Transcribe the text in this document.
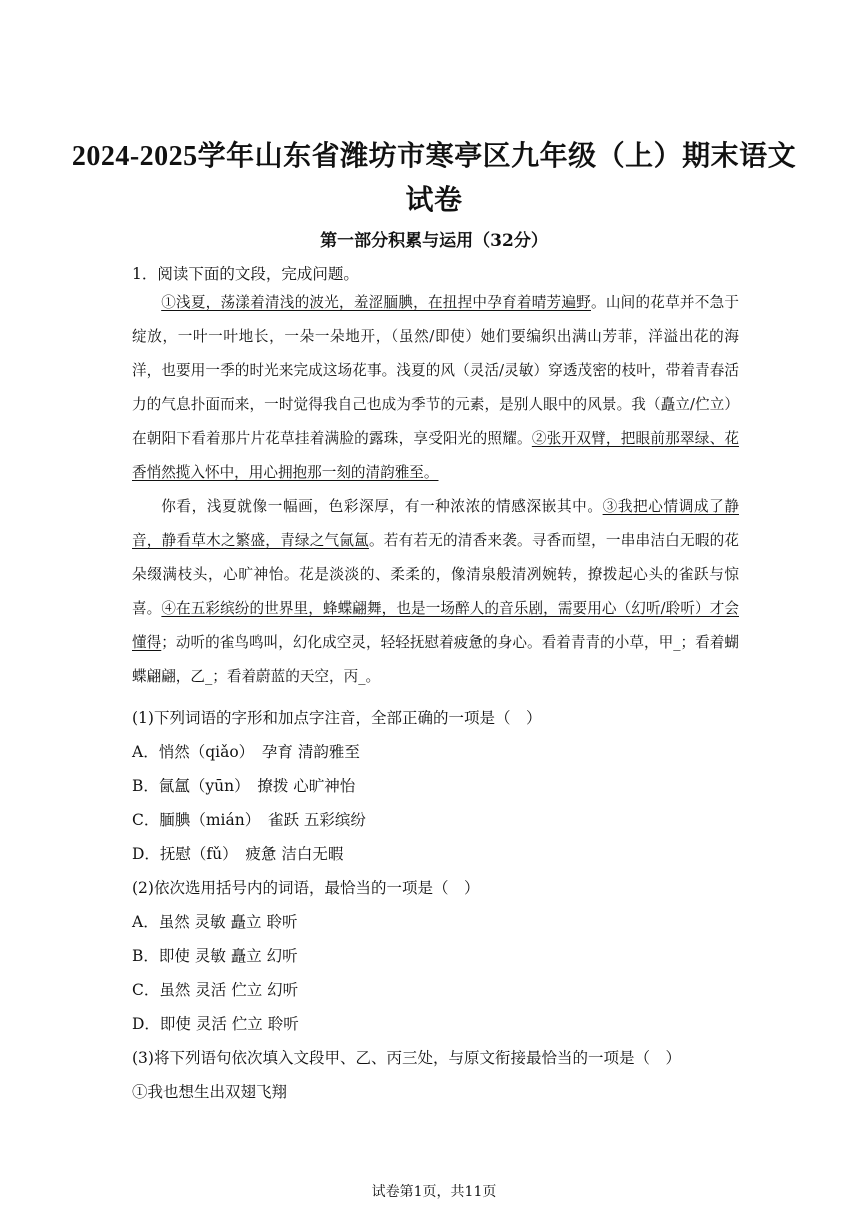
2024-2025学年山东省潍坊市寒亭区九年级（上）期末语文
试卷
第一部分积累与运用（32分）
1．阅读下面的文段，完成问题。

①浅夏，荡漾着清浅的波光，羞涩腼腆，在扭捏中孕育着晴芳遍野。山间的花草并不急于绽放，一叶一叶地长，一朵一朵地开，（虽然/即使）她们要编织出满山芳菲，洋溢出花的海洋，也要用一季的时光来完成这场花事。浅夏的风（灵活/灵敏）穿透茂密的枝叶，带着青春活力的气息扑面而来，一时觉得我自己也成为季节的元素，是别人眼中的风景。我（矗立/伫立）在朝阳下看着那片片花草挂着满脸的露珠，享受阳光的照耀。②张开双臂，把眼前那翠绿、花香悄然揽入怀中，用心拥抱那一刻的清韵雅至。

你看，浅夏就像一幅画，色彩深厚，有一种浓浓的情感深嵌其中。③我把心情调成了静音，静看草木之繁盛，青绿之气氤氲。若有若无的清香来袭。寻香而望，一串串洁白无暇的花朵缀满枝头，心旷神怡。花是淡淡的、柔柔的，像清泉般清冽婉转，撩拨起心头的雀跃与惊喜。④在五彩缤纷的世界里，蜂蝶翩舞，也是一场醉人的音乐剧，需要用心（幻听/聆听）才会懂得；动听的雀鸟鸣叫，幻化成空灵，轻轻抚慰着疲惫的身心。看着青青的小草，甲_；看着蝴蝶翩翩，乙_；看着蔚蓝的天空，丙_。

(1)下列词语的字形和加点字注音，全部正确的一项是（　）
A．悄然（qiǎo）　孕育 清韵雅至
B．氤氲（yūn）　撩拨 心旷神怡
C．腼腆（mián）　雀跃 五彩缤纷
D．抚慰（fǔ）　疲惫 洁白无暇
(2)依次选用括号内的词语，最恰当的一项是（　）
A．虽然 灵敏 矗立 聆听
B．即使 灵敏 矗立 幻听
C．虽然 灵活 伫立 幻听
D．即使 灵活 伫立 聆听
(3)将下列语句依次填入文段甲、乙、丙三处，与原文衔接最恰当的一项是（　）
①我也想生出双翅飞翔
试卷第1页，共11页
